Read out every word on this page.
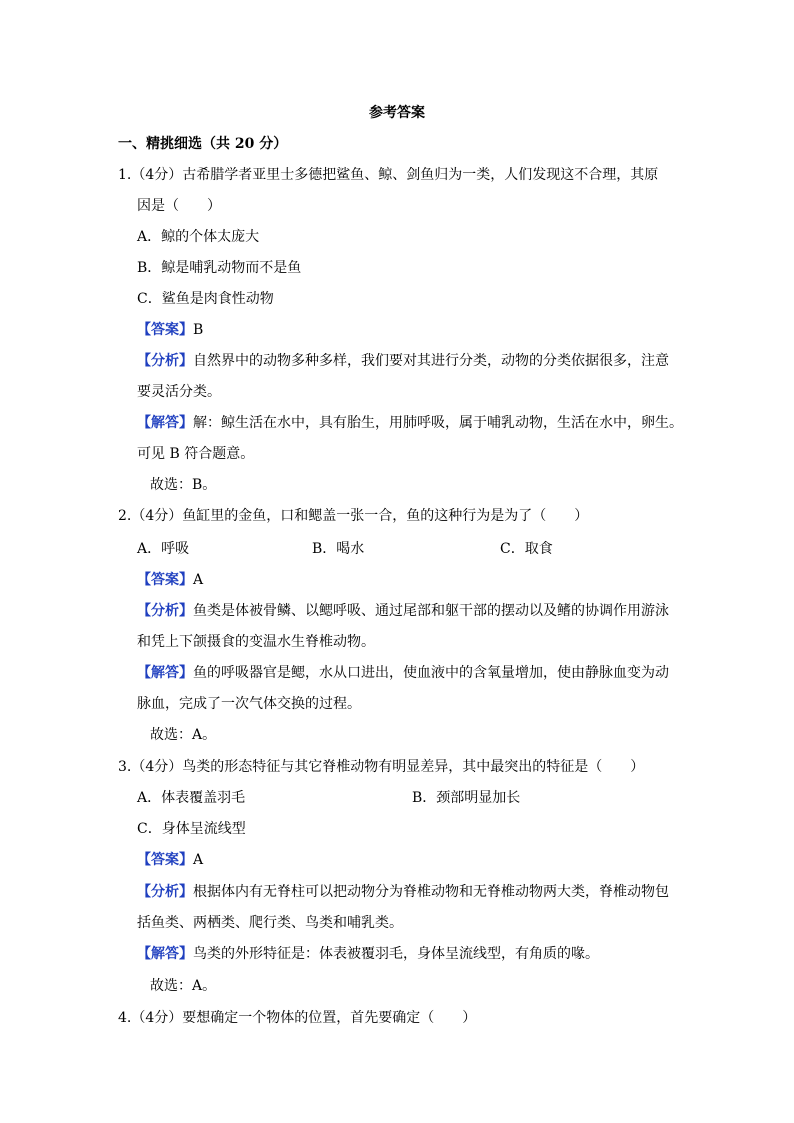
参考答案
一、精挑细选（共 20 分）
1.（4分）古希腊学者亚里士多德把鲨鱼、鲸、剑鱼归为一类，人们发现这不合理，其原
因是（　　）
A．鲸的个体太庞大
B．鲸是哺乳动物而不是鱼
C．鲨鱼是肉食性动物
【答案】B
【分析】自然界中的动物多种多样，我们要对其进行分类，动物的分类依据很多，注意
要灵活分类。
【解答】解：鲸生活在水中，具有胎生，用肺呼吸，属于哺乳动物，生活在水中，卵生。
可见 B 符合题意。
故选：B。
2.（4分）鱼缸里的金鱼，口和鳃盖一张一合，鱼的这种行为是为了（　　）
A．呼吸	B．喝水	C．取食
【答案】A
【分析】鱼类是体被骨鳞、以鳃呼吸、通过尾部和躯干部的摆动以及鳍的协调作用游泳
和凭上下颌摄食的变温水生脊椎动物。
【解答】鱼的呼吸器官是鳃，水从口进出，使血液中的含氧量增加，使由静脉血变为动
脉血，完成了一次气体交换的过程。
故选：A。
3.（4分）鸟类的形态特征与其它脊椎动物有明显差异，其中最突出的特征是（　　）
A．体表覆盖羽毛	B．颈部明显加长
C．身体呈流线型
【答案】A
【分析】根据体内有无脊柱可以把动物分为脊椎动物和无脊椎动物两大类，脊椎动物包
括鱼类、两栖类、爬行类、鸟类和哺乳类。
【解答】鸟类的外形特征是：体表被覆羽毛，身体呈流线型，有角质的喙。
故选：A。
4.（4分）要想确定一个物体的位置，首先要确定（　　）
